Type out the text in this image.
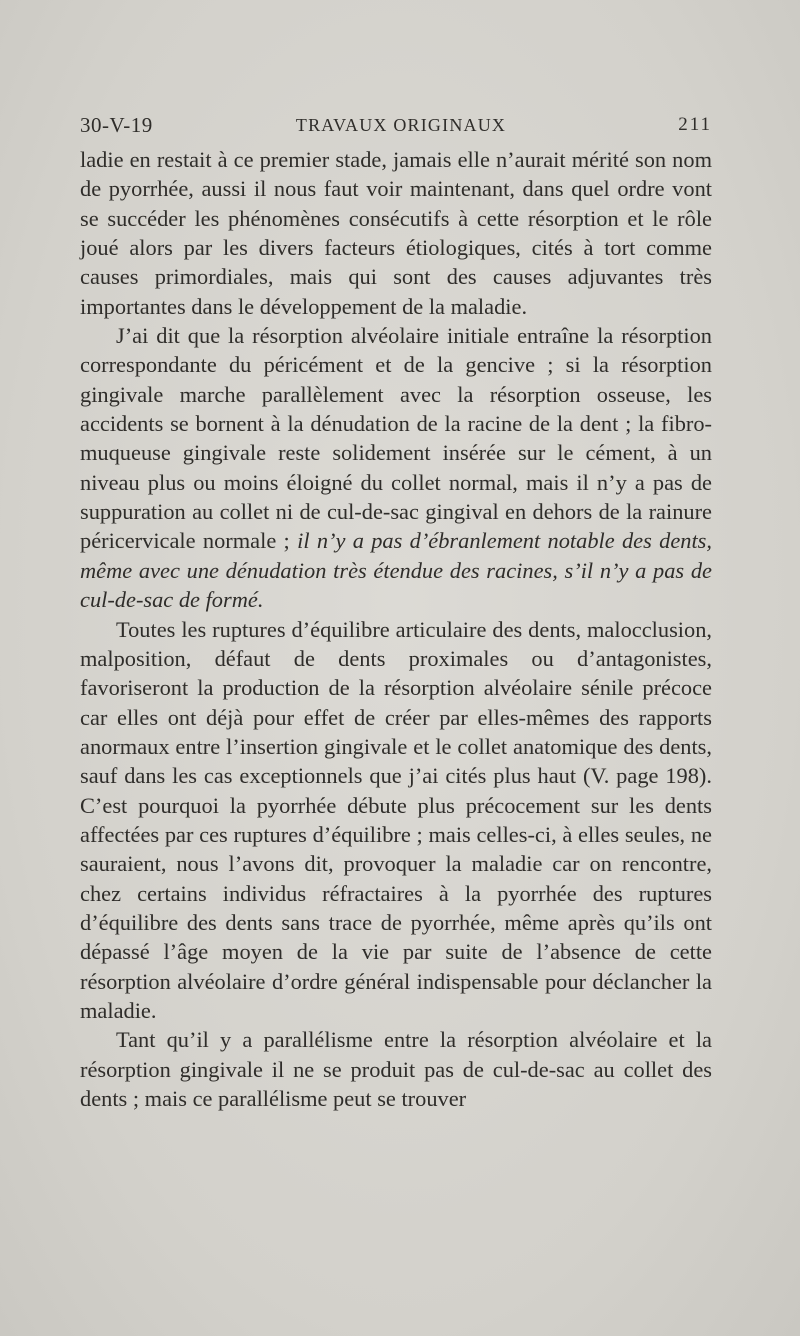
30-V-19	TRAVAUX ORIGINAUX	211

ladie en restait à ce premier stade, jamais elle n’aurait mérité son nom de pyorrhée, aussi il nous faut voir maintenant, dans quel ordre vont se succéder les phénomènes consécutifs à cette résorption et le rôle joué alors par les divers facteurs étiologiques, cités à tort comme causes primordiales, mais qui sont des causes adjuvantes très importantes dans le développement de la maladie.

J’ai dit que la résorption alvéolaire initiale entraîne la résorption correspondante du péricément et de la gencive ; si la résorption gingivale marche parallèlement avec la résorption osseuse, les accidents se bornent à la dénudation de la racine de la dent ; la fibro-muqueuse gingivale reste solidement insérée sur le cément, à un niveau plus ou moins éloigné du collet normal, mais il n’y a pas de suppuration au collet ni de cul-de-sac gingival en dehors de la rainure péricervicale normale ; il n’y a pas d’ébranlement notable des dents, même avec une dénudation très étendue des racines, s’il n’y a pas de cul-de-sac de formé.

Toutes les ruptures d’équilibre articulaire des dents, malocclusion, malposition, défaut de dents proximales ou d’antagonistes, favoriseront la production de la résorption alvéolaire sénile précoce car elles ont déjà pour effet de créer par elles-mêmes des rapports anormaux entre l’insertion gingivale et le collet anatomique des dents, sauf dans les cas exceptionnels que j’ai cités plus haut (V. page 198). C’est pourquoi la pyorrhée débute plus précocement sur les dents affectées par ces ruptures d’équilibre ; mais celles-ci, à elles seules, ne sauraient, nous l’avons dit, provoquer la maladie car on rencontre, chez certains individus réfractaires à la pyorrhée des ruptures d’équilibre des dents sans trace de pyorrhée, même après qu’ils ont dépassé l’âge moyen de la vie par suite de l’absence de cette résorption alvéolaire d’ordre général indispensable pour déclancher la maladie.

Tant qu’il y a parallélisme entre la résorption alvéolaire et la résorption gingivale il ne se produit pas de cul-de-sac au collet des dents ; mais ce parallélisme peut se trouver
